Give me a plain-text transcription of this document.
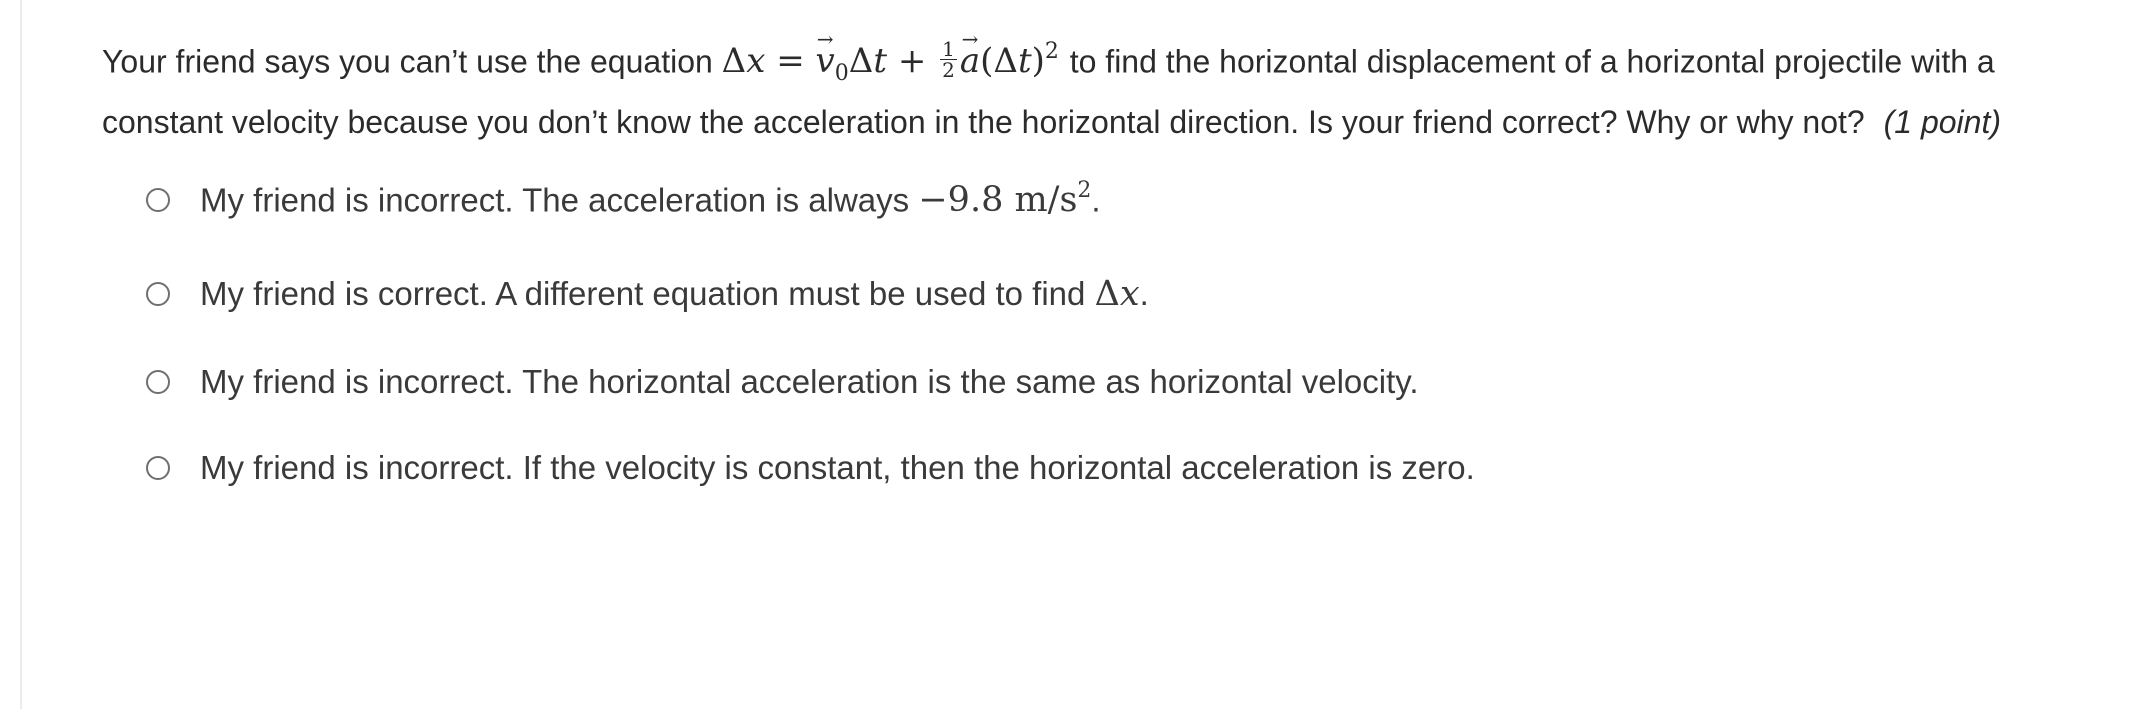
Your friend says you can’t use the equation Δx = → $v_0\Delta t + \frac{1}{2}$
→ $a(\Delta t)^2$ to find the horizontal displacement of a horizontal projectile with a constant velocity because you don’t know the acceleration in the horizontal direction. Is your friend correct? Why or why not? (1 point)
My friend is incorrect. The acceleration is always −9.8 $m/s^2$.
My friend is correct. A different equation must be used to find Δx.
My friend is incorrect. The horizontal acceleration is the same as horizontal velocity.
My friend is incorrect. If the velocity is constant, then the horizontal acceleration is zero.
